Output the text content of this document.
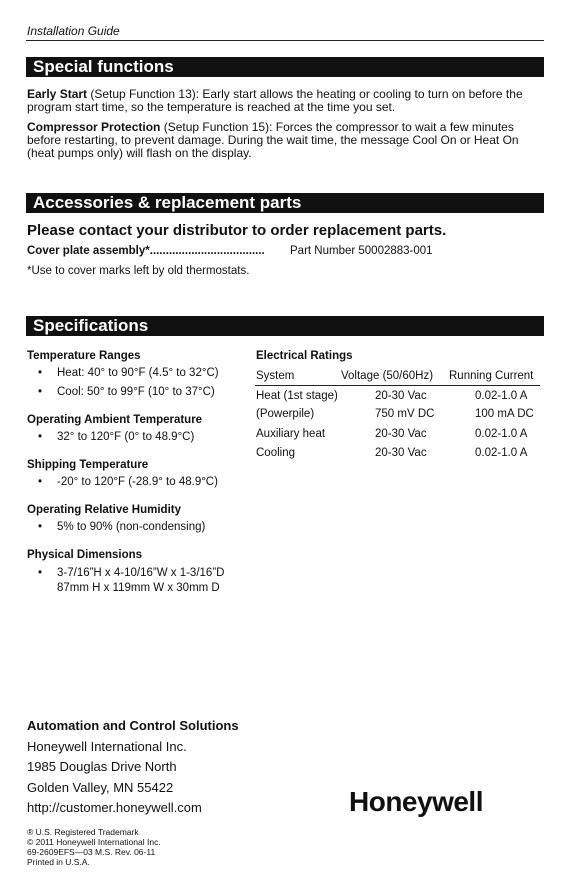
Installation Guide
Special functions
Early Start (Setup Function 13): Early start allows the heating or cooling to turn on before the program start time, so the temperature is reached at the time you set.
Compressor Protection (Setup Function 15): Forces the compressor to wait a few minutes before restarting, to prevent damage. During the wait time, the message Cool On or Heat On (heat pumps only) will flash on the display.
Accessories & replacement parts
Please contact your distributor to order replacement parts.
Cover plate assembly*.................................... Part Number 50002883-001
*Use to cover marks left by old thermostats.
Specifications
Temperature Ranges
• Heat: 40° to 90°F (4.5° to 32°C)
• Cool: 50° to 99°F (10° to 37°C)
Operating Ambient Temperature
• 32° to 120°F (0° to 48.9°C)
Shipping Temperature
• -20° to 120°F (-28.9° to 48.9°C)
Operating Relative Humidity
• 5% to 90% (non-condensing)
Physical Dimensions
• 3-7/16”H x 4-10/16”W x 1-3/16”D
87mm H x 119mm W x 30mm D
Electrical Ratings
System	Voltage (50/60Hz) Running Current
Heat (1st stage)	20-30 Vac	0.02-1.0 A
(Powerpile)	750 mV DC	100 mA DC
Auxiliary heat	20-30 Vac	0.02-1.0 A
Cooling	20-30 Vac	0.02-1.0 A
Automation and Control Solutions
Honeywell International Inc.
1985 Douglas Drive North
Golden Valley, MN 55422
http://customer.honeywell.com	Honeywell
® U.S. Registered Trademark
© 2011 Honeywell International Inc.
69-2609EFS—03 M.S. Rev. 06-11
Printed in U.S.A.
